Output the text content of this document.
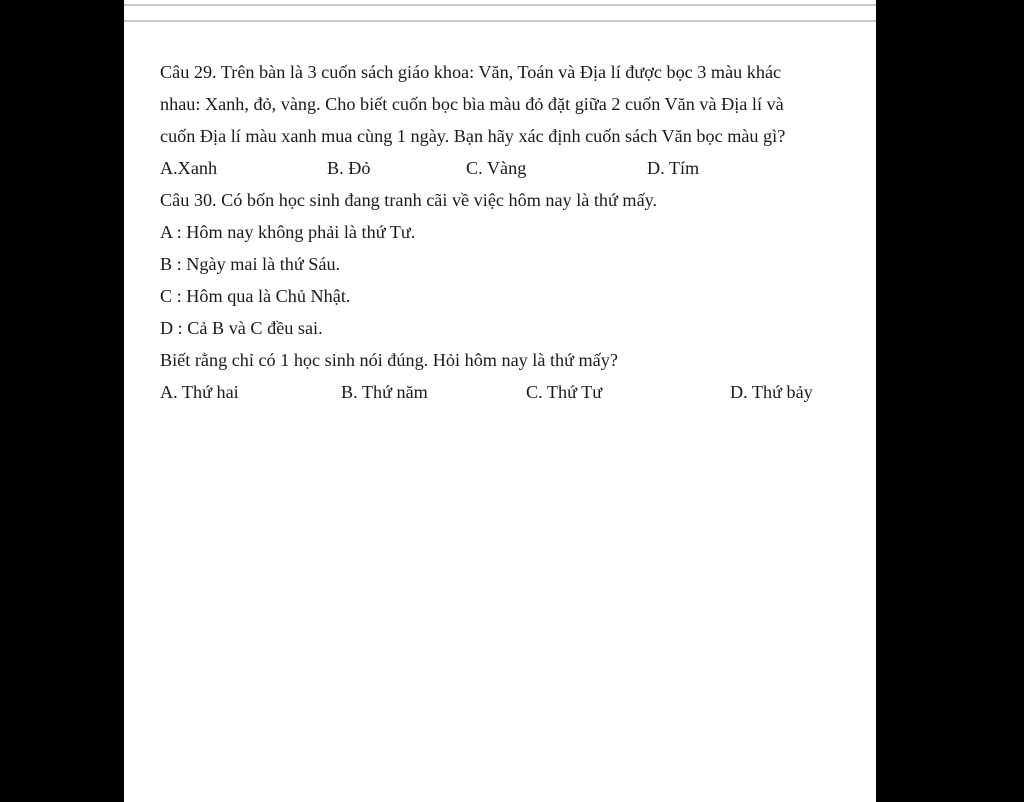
Câu 29. Trên bàn là 3 cuốn sách giáo khoa: Văn, Toán và Địa lí được bọc 3 màu khác
nhau: Xanh, đỏ, vàng. Cho biết cuốn bọc bìa màu đỏ đặt giữa 2 cuốn Văn và Địa lí và
cuốn Địa lí màu xanh mua cùng 1 ngày. Bạn hãy xác định cuốn sách Văn bọc màu gì?
A.Xanh	B. Đỏ	C. Vàng	D. Tím
Câu 30. Có bốn học sinh đang tranh cãi về việc hôm nay là thứ mấy.
A : Hôm nay không phải là thứ Tư.
B : Ngày mai là thứ Sáu.
C : Hôm qua là Chủ Nhật.
D : Cả B và C đều sai.
Biết rằng chỉ có 1 học sinh nói đúng. Hỏi hôm nay là thứ mấy?
A. Thứ hai	B. Thứ năm	C. Thứ Tư	D. Thứ bảy
